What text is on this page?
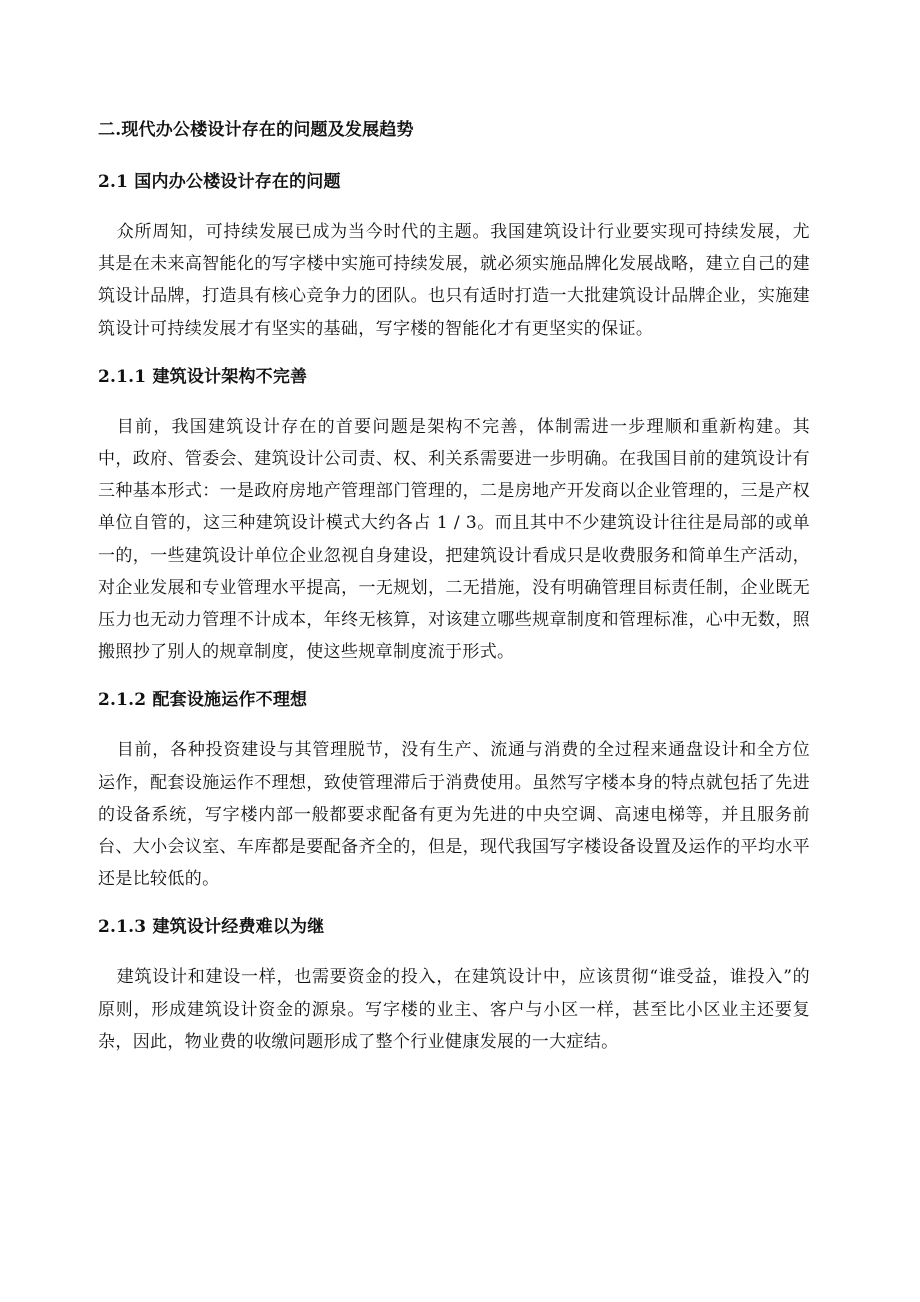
二.现代办公楼设计存在的问题及发展趋势
2.1 国内办公楼设计存在的问题

众所周知，可持续发展已成为当今时代的主题。我国建筑设计行业要实现可持续发展，尤其是在未来高智能化的写字楼中实施可持续发展，就必须实施品牌化发展战略，建立自己的建筑设计品牌，打造具有核心竞争力的团队。也只有适时打造一大批建筑设计品牌企业，实施建筑设计可持续发展才有坚实的基础，写字楼的智能化才有更坚实的保证。

2.1.1 建筑设计架构不完善

目前，我国建筑设计存在的首要问题是架构不完善，体制需进一步理顺和重新构建。其中，政府、管委会、建筑设计公司责、权、利关系需要进一步明确。在我国目前的建筑设计有三种基本形式：一是政府房地产管理部门管理的，二是房地产开发商以企业管理的，三是产权单位自管的，这三种建筑设计模式大约各占 1 / 3。而且其中不少建筑设计往往是局部的或单一的，一些建筑设计单位企业忽视自身建设，把建筑设计看成只是收费服务和简单生产活动，对企业发展和专业管理水平提高，一无规划，二无措施，没有明确管理目标责任制，企业既无压力也无动力管理不计成本，年终无核算，对该建立哪些规章制度和管理标准，心中无数，照搬照抄了别人的规章制度，使这些规章制度流于形式。

2.1.2 配套设施运作不理想

目前，各种投资建设与其管理脱节，没有生产、流通与消费的全过程来通盘设计和全方位运作，配套设施运作不理想，致使管理滞后于消费使用。虽然写字楼本身的特点就包括了先进的设备系统，写字楼内部一般都要求配备有更为先进的中央空调、高速电梯等，并且服务前台、大小会议室、车库都是要配备齐全的，但是，现代我国写字楼设备设置及运作的平均水平还是比较低的。

2.1.3 建筑设计经费难以为继

建筑设计和建设一样，也需要资金的投入，在建筑设计中，应该贯彻“谁受益，谁投入”的原则，形成建筑设计资金的源泉。写字楼的业主、客户与小区一样，甚至比小区业主还要复杂，因此，物业费的收缴问题形成了整个行业健康发展的一大症结。
